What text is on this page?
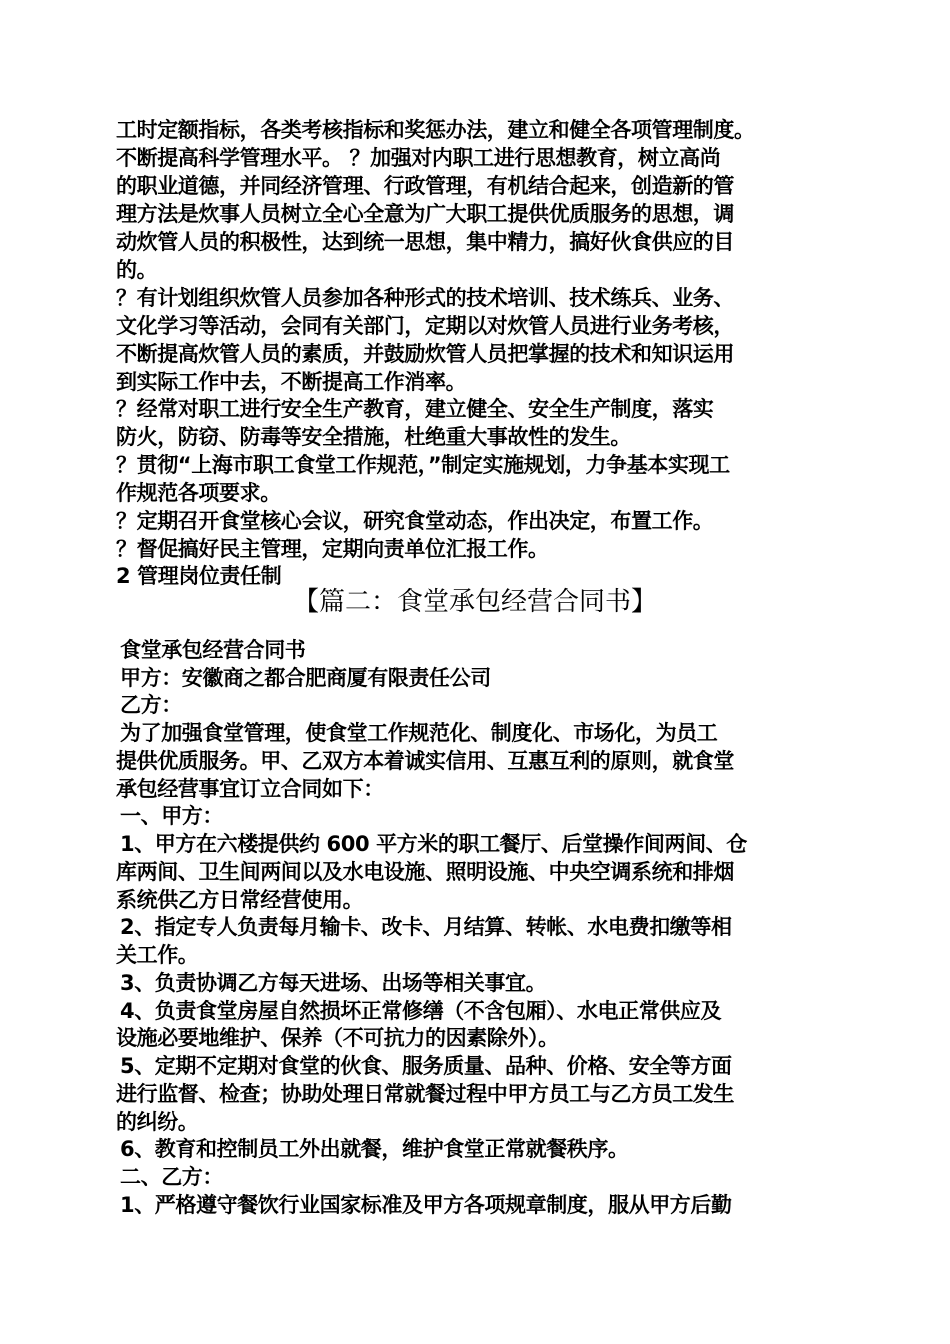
工时定额指标，各类考核指标和奖惩办法，建立和健全各项管理制度。
不断提高科学管理水平。 ？加强对内职工进行思想教育，树立高尚
的职业道德，并同经济管理、行政管理，有机结合起来，创造新的管
理方法是炊事人员树立全心全意为广大职工提供优质服务的思想，调
动炊管人员的积极性，达到统一思想，集中精力，搞好伙食供应的目
的。
？有计划组织炊管人员参加各种形式的技术培训、技术练兵、业务、
文化学习等活动，会同有关部门，定期以对炊管人员进行业务考核，
不断提高炊管人员的素质，并鼓励炊管人员把掌握的技术和知识运用
到实际工作中去，不断提高工作消率。
？经常对职工进行安全生产教育，建立健全、安全生产制度，落实
防火，防窃、防毒等安全措施，杜绝重大事故性的发生。
？贯彻“上海市职工食堂工作规范，”制定实施规划，力争基本实现工
作规范各项要求。
？定期召开食堂核心会议，研究食堂动态，作出决定，布置工作。
？督促搞好民主管理，定期向责单位汇报工作。
2 管理岗位责任制
【篇二：食堂承包经营合同书】
食堂承包经营合同书
甲方：安徽商之都合肥商厦有限责任公司
乙方：
为了加强食堂管理，使食堂工作规范化、制度化、市场化，为员工
提供优质服务。甲、乙双方本着诚实信用、互惠互利的原则，就食堂
承包经营事宜订立合同如下：
一、甲方：
1、甲方在六楼提供约 600 平方米的职工餐厅、后堂操作间两间、仓
库两间、卫生间两间以及水电设施、照明设施、中央空调系统和排烟
系统供乙方日常经营使用。
2、指定专人负责每月输卡、改卡、月结算、转帐、水电费扣缴等相
关工作。
3、负责协调乙方每天进场、出场等相关事宜。
4、负责食堂房屋自然损坏正常修缮（不含包厢）、水电正常供应及
设施必要地维护、保养（不可抗力的因素除外）。
5、定期不定期对食堂的伙食、服务质量、品种、价格、安全等方面
进行监督、检查；协助处理日常就餐过程中甲方员工与乙方员工发生
的纠纷。
6、教育和控制员工外出就餐，维护食堂正常就餐秩序。
二、乙方：
1、严格遵守餐饮行业国家标准及甲方各项规章制度，服从甲方后勤
